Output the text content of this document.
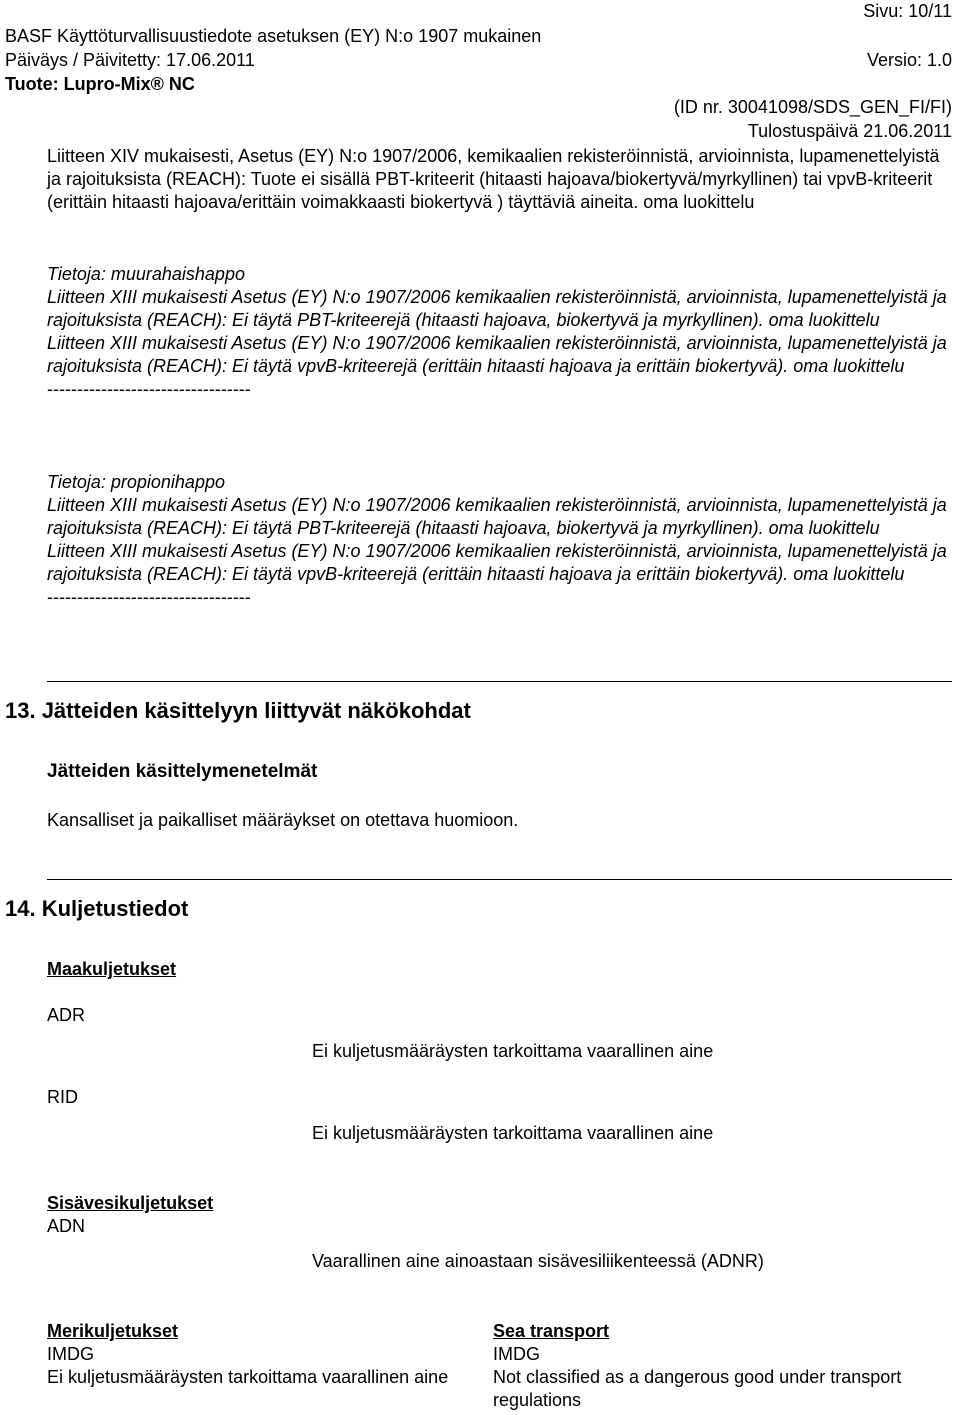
Sivu: 10/11
BASF Käyttöturvallisuustiedote asetuksen (EY) N:o 1907 mukainen
Päiväys / Päivitetty: 17.06.2011	Versio: 1.0
Tuote: Lupro-Mix® NC
(ID nr. 30041098/SDS_GEN_FI/FI)
Tulostuspäivä 21.06.2011

Liitteen XIV mukaisesti, Asetus (EY) N:o 1907/2006, kemikaalien rekisteröinnistä, arvioinnista, lupamenettelyistä ja rajoituksista (REACH): Tuote ei sisällä PBT-kriteerit (hitaasti hajoava/biokertyvä/myrkyllinen) tai vpvB-kriteerit (erittäin hitaasti hajoava/erittäin voimakkaasti biokertyvä ) täyttäviä aineita. oma luokittelu

Tietoja: muurahaishappo

Liitteen XIII mukaisesti Asetus (EY) N:o 1907/2006 kemikaalien rekisteröinnistä, arvioinnista, lupamenettelyistä ja rajoituksista (REACH): Ei täytä PBT-kriteerejä (hitaasti hajoava, biokertyvä ja myrkyllinen). oma luokittelu

Liitteen XIII mukaisesti Asetus (EY) N:o 1907/2006 kemikaalien rekisteröinnistä, arvioinnista, lupamenettelyistä ja rajoituksista (REACH): Ei täytä vpvB-kriteerejä (erittäin hitaasti hajoava ja erittäin biokertyvä). oma luokittelu

----------------------------------

Tietoja: propionihappo

Liitteen XIII mukaisesti Asetus (EY) N:o 1907/2006 kemikaalien rekisteröinnistä, arvioinnista, lupamenettelyistä ja rajoituksista (REACH): Ei täytä PBT-kriteerejä (hitaasti hajoava, biokertyvä ja myrkyllinen). oma luokittelu

Liitteen XIII mukaisesti Asetus (EY) N:o 1907/2006 kemikaalien rekisteröinnistä, arvioinnista, lupamenettelyistä ja rajoituksista (REACH): Ei täytä vpvB-kriteerejä (erittäin hitaasti hajoava ja erittäin biokertyvä). oma luokittelu

----------------------------------

13. Jätteiden käsittelyyn liittyvät näkökohdat
Jätteiden käsittelymenetelmät
Kansalliset ja paikalliset määräykset on otettava huomioon.
14. Kuljetustiedot
Maakuljetukset
ADR
Ei kuljetusmääräysten tarkoittama vaarallinen aine
RID
Ei kuljetusmääräysten tarkoittama vaarallinen aine
Sisävesikuljetukset
ADN
Vaarallinen aine ainoastaan sisävesiliikenteessä (ADNR)
Merikuljetukset
IMDG
Ei kuljetusmääräysten tarkoittama vaarallinen aine
Sea transport
IMDG
Not classified as a dangerous good under transport regulations
